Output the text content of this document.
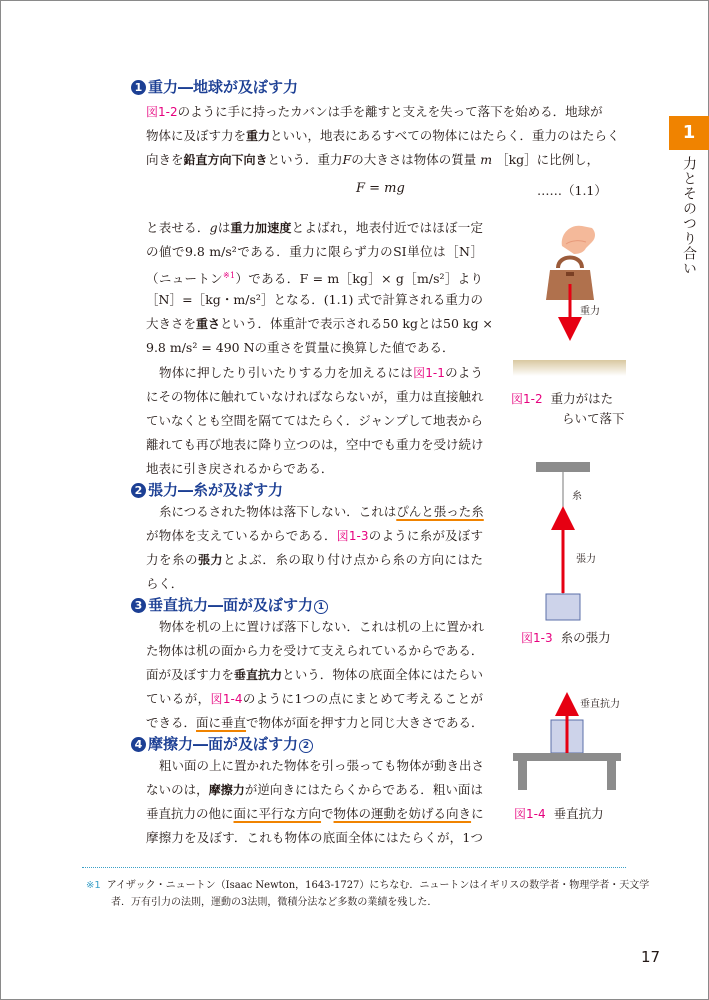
1
力とそのつり合い
1 重力―地球が及ぼす力
図1-2のように手に持ったカバンは手を離すと支えを失って落下を始める．地球が
物体に及ぼす力を重力といい，地表にあるすべての物体にはたらく．重力のはたらく
向きを鉛直方向下向きという．重力Fの大きさは物体の質量 m ［kg］に比例し，
F = mg	……（1.1）
と表せる．gは重力加速度とよばれ，地表付近ではほぼ一定
の値で9.8 m/s²である．重力に限らず力のSI単位は［N］
（ニュートン$^{※1}$）である．F = m［kg］× g［m/s²］より
［N］=［kg・m/s²］となる．(1.1) 式で計算される重力の
大きさを重さという．体重計で表示される50 kgとは50 kg ×
9.8 m/s² = 490 Nの重さを質量に換算した値である．
物体に押したり引いたりする力を加えるには図1-1のよう
にその物体に触れていなければならないが，重力は直接触れ
ていなくとも空間を隔ててはたらく．ジャンプして地表から
離れても再び地表に降り立つのは，空中でも重力を受け続け
地表に引き戻されるからである．
2 張力―糸が及ぼす力
糸につるされた物体は落下しない．これはぴんと張った糸
が物体を支えているからである．図1-3のように糸が及ぼす
力を糸の張力とよぶ．糸の取り付け点から糸の方向にはた
らく．
3 垂直抗力―面が及ぼす力 1
物体を机の上に置けば落下しない．これは机の上に置かれ
た物体は机の面から力を受けて支えられているからである．
面が及ぼす力を垂直抗力という．物体の底面全体にはたらい
ているが，図1-4のように1つの点にまとめて考えることが
できる．面に垂直で物体が面を押す力と同じ大きさである．
4 摩擦力―面が及ぼす力 2
粗い面の上に置かれた物体を引っ張っても物体が動き出さ
ないのは，摩擦力が逆向きにはたらくからである．粗い面は
垂直抗力の他に面に平行な方向で物体の運動を妨げる向きに
摩擦力を及ぼす．これも物体の底面全体にはたらくが，1つ
重力
糸
張力
垂直抗力
図1-2 重力がはた
らいて落下
図1-3 糸の張力
図1-4 垂直抗力
※1 アイザック・ニュートン（Isaac Newton，1643-1727）にちなむ．ニュートンはイギリスの数学者・物理学者・天文学
者．万有引力の法則，運動の3法則，微積分法など多数の業績を残した．
17
